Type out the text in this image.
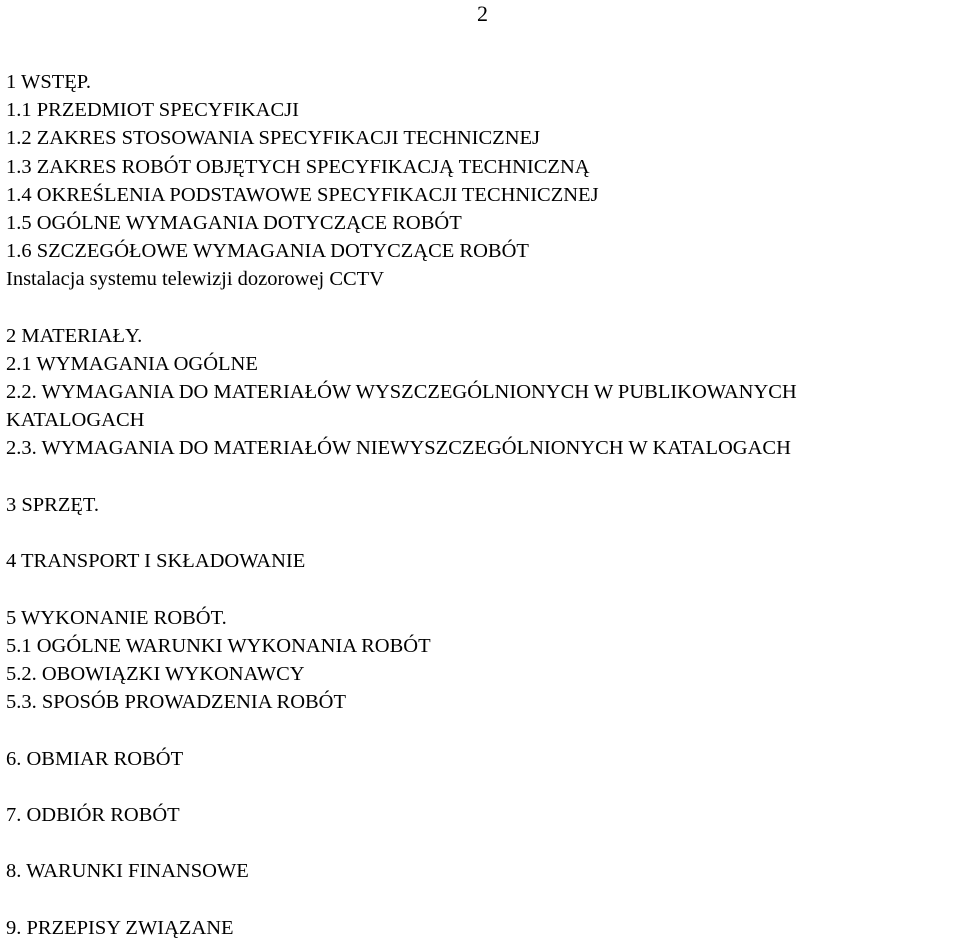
2
1 WSTĘP.
1.1 PRZEDMIOT SPECYFIKACJI
1.2 ZAKRES STOSOWANIA SPECYFIKACJI TECHNICZNEJ
1.3 ZAKRES ROBÓT OBJĘTYCH SPECYFIKACJĄ TECHNICZNĄ
1.4 OKREŚLENIA PODSTAWOWE SPECYFIKACJI TECHNICZNEJ
1.5 OGÓLNE WYMAGANIA DOTYCZĄCE ROBÓT
1.6 SZCZEGÓŁOWE WYMAGANIA DOTYCZĄCE ROBÓT
Instalacja systemu telewizji dozorowej CCTV
2 MATERIAŁY.
2.1 WYMAGANIA OGÓLNE
2.2. WYMAGANIA DO MATERIAŁÓW WYSZCZEGÓLNIONYCH W PUBLIKOWANYCH
KATALOGACH
2.3. WYMAGANIA DO MATERIAŁÓW NIEWYSZCZEGÓLNIONYCH W KATALOGACH
3 SPRZĘT.
4 TRANSPORT I SKŁADOWANIE
5 WYKONANIE ROBÓT.
5.1 OGÓLNE WARUNKI WYKONANIA ROBÓT
5.2. OBOWIĄZKI WYKONAWCY
5.3. SPOSÓB PROWADZENIA ROBÓT
6. OBMIAR ROBÓT
7. ODBIÓR ROBÓT
8. WARUNKI FINANSOWE
9. PRZEPISY ZWIĄZANE
